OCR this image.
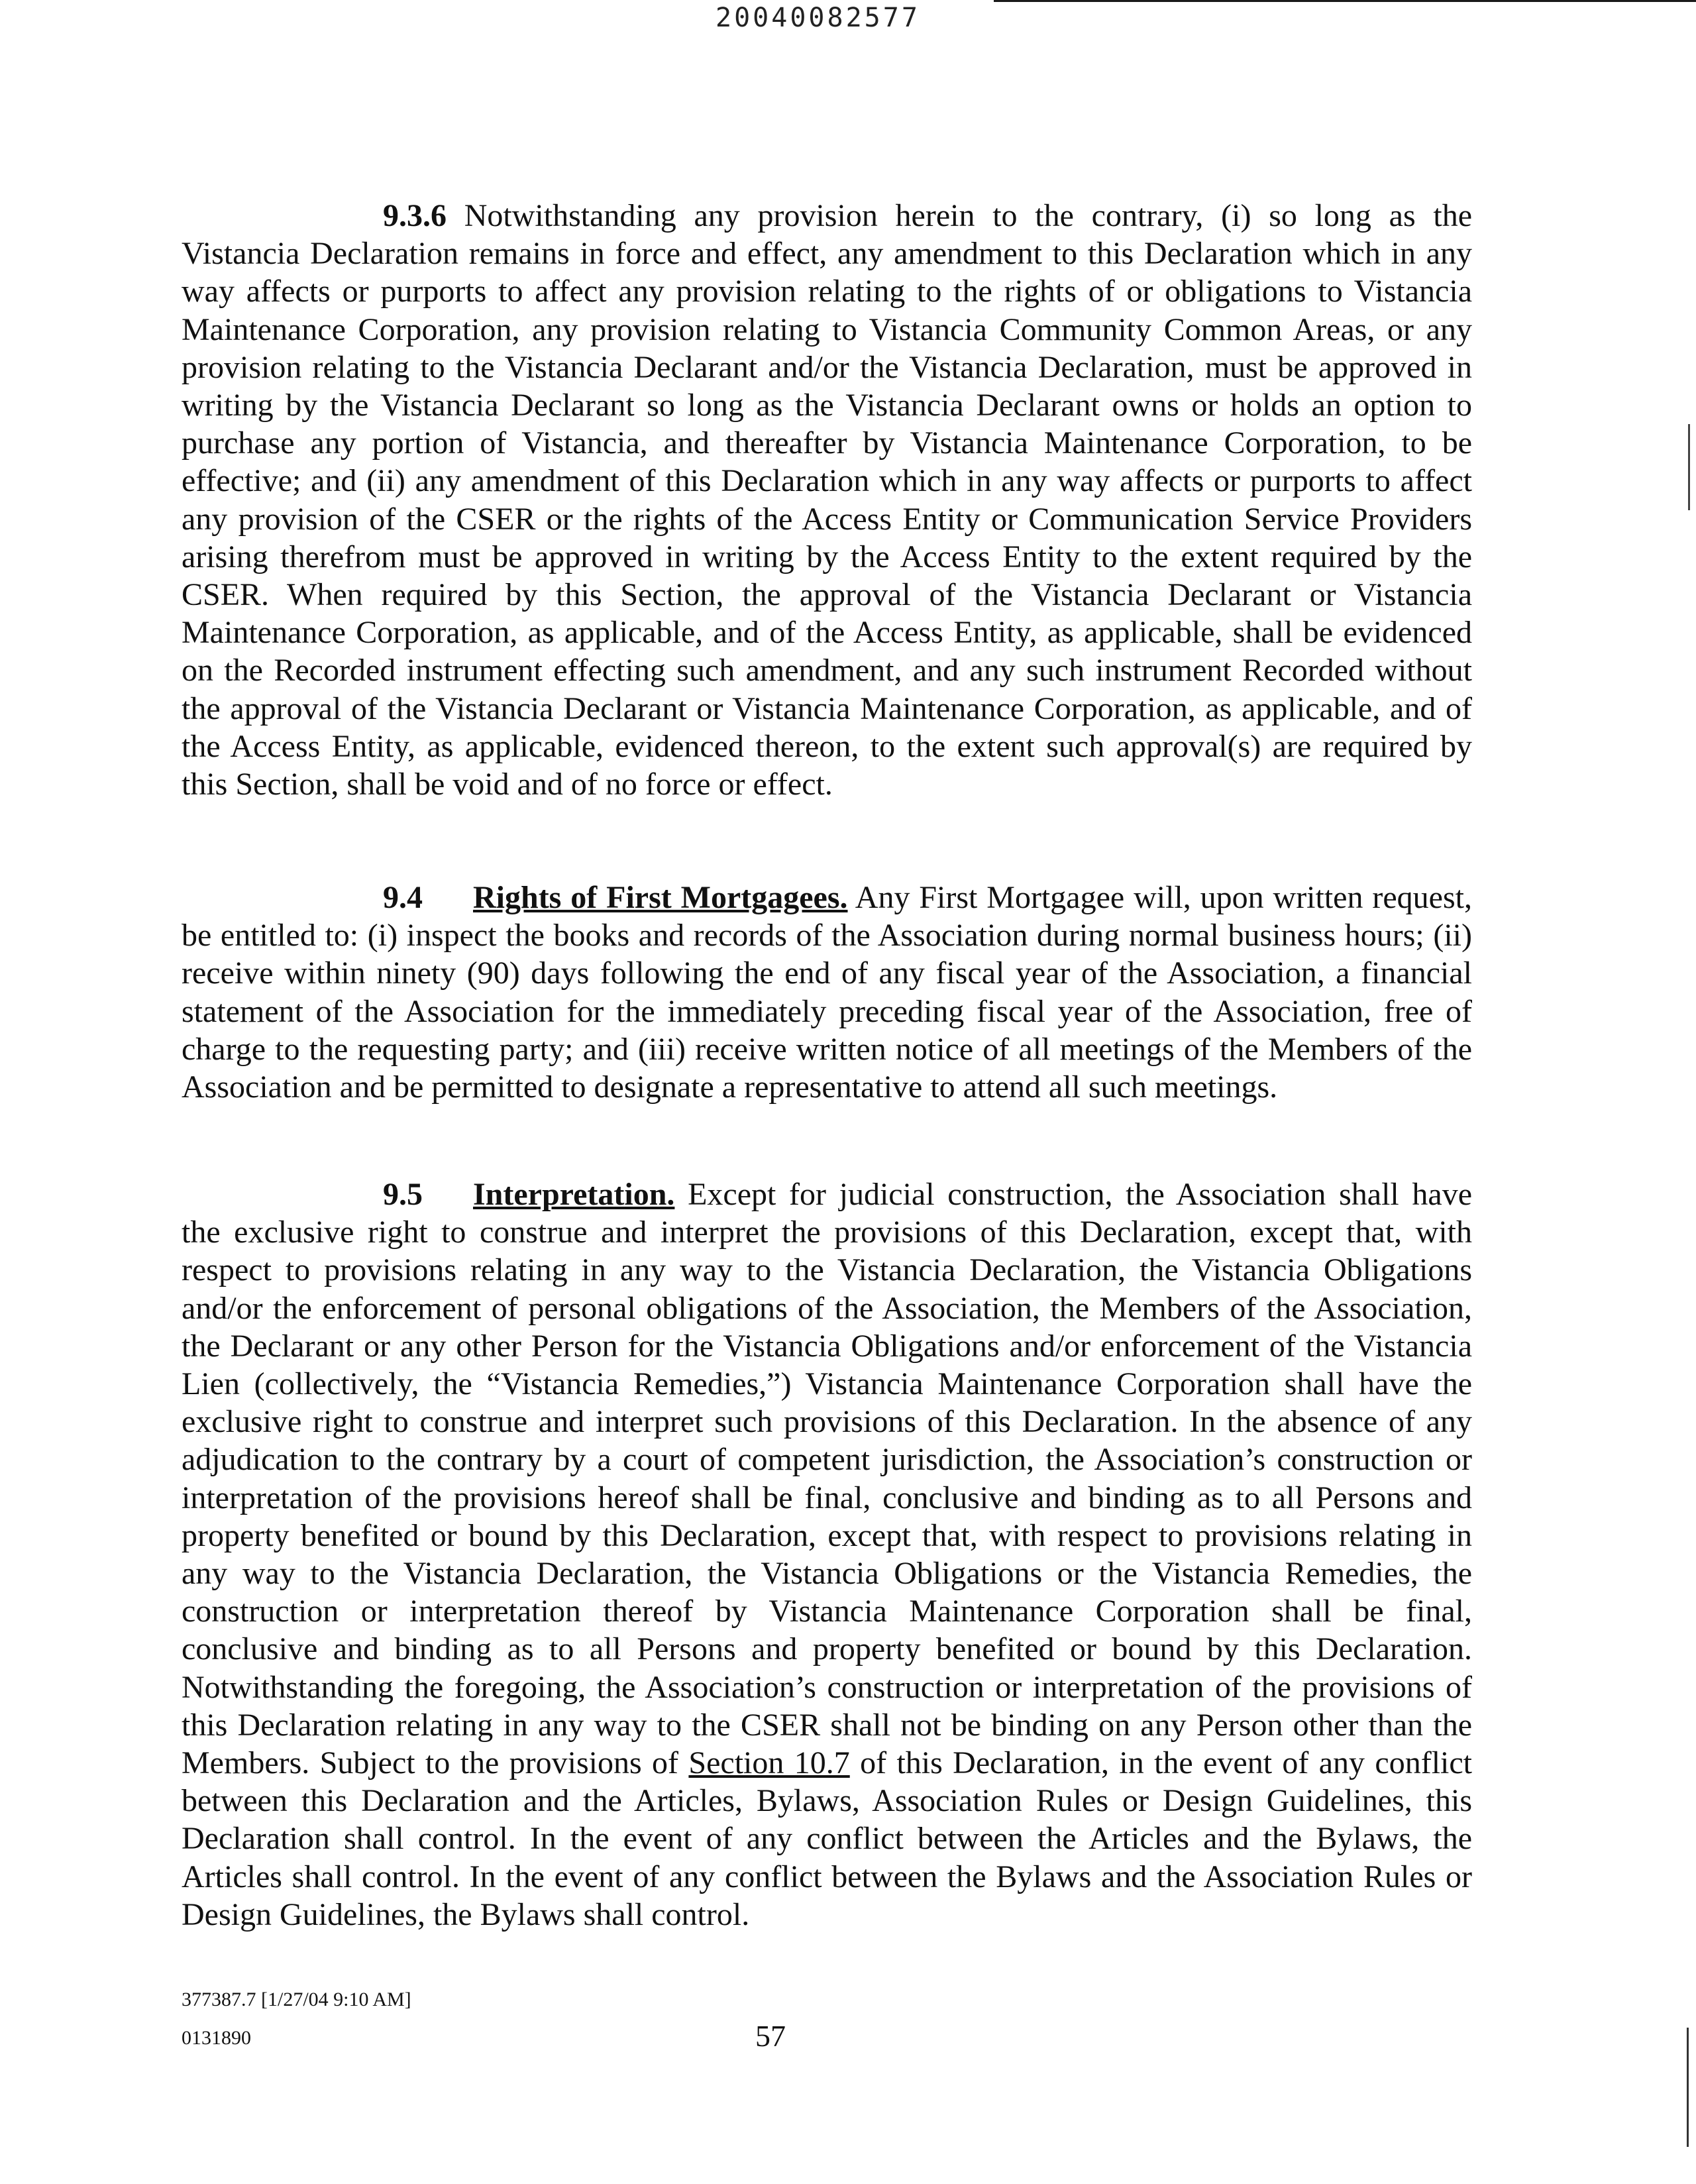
20040082577
9.3.6 Notwithstanding any provision herein to the contrary, (i) so long as the Vistancia Declaration remains in force and effect, any amendment to this Declaration which in any way affects or purports to affect any provision relating to the rights of or obligations to Vistancia Maintenance Corporation, any provision relating to Vistancia Community Common Areas, or any provision relating to the Vistancia Declarant and/or the Vistancia Declaration, must be approved in writing by the Vistancia Declarant so long as the Vistancia Declarant owns or holds an option to purchase any portion of Vistancia, and thereafter by Vistancia Maintenance Corporation, to be effective; and (ii) any amendment of this Declaration which in any way affects or purports to affect any provision of the CSER or the rights of the Access Entity or Communication Service Providers arising therefrom must be approved in writing by the Access Entity to the extent required by the CSER. When required by this Section, the approval of the Vistancia Declarant or Vistancia Maintenance Corporation, as applicable, and of the Access Entity, as applicable, shall be evidenced on the Recorded instrument effecting such amendment, and any such instrument Recorded without the approval of the Vistancia Declarant or Vistancia Maintenance Corporation, as applicable, and of the Access Entity, as applicable, evidenced thereon, to the extent such approval(s) are required by this Section, shall be void and of no force or effect.
9.4 Rights of First Mortgagees. Any First Mortgagee will, upon written request, be entitled to: (i) inspect the books and records of the Association during normal business hours; (ii) receive within ninety (90) days following the end of any fiscal year of the Association, a financial statement of the Association for the immediately preceding fiscal year of the Association, free of charge to the requesting party; and (iii) receive written notice of all meetings of the Members of the Association and be permitted to designate a representative to attend all such meetings.
9.5 Interpretation. Except for judicial construction, the Association shall have the exclusive right to construe and interpret the provisions of this Declaration, except that, with respect to provisions relating in any way to the Vistancia Declaration, the Vistancia Obligations and/or the enforcement of personal obligations of the Association, the Members of the Association, the Declarant or any other Person for the Vistancia Obligations and/or enforcement of the Vistancia Lien (collectively, the “Vistancia Remedies,”) Vistancia Maintenance Corporation shall have the exclusive right to construe and interpret such provisions of this Declaration. In the absence of any adjudication to the contrary by a court of competent jurisdiction, the Association’s construction or interpretation of the provisions hereof shall be final, conclusive and binding as to all Persons and property benefited or bound by this Declaration, except that, with respect to provisions relating in any way to the Vistancia Declaration, the Vistancia Obligations or the Vistancia Remedies, the construction or interpretation thereof by Vistancia Maintenance Corporation shall be final, conclusive and binding as to all Persons and property benefited or bound by this Declaration. Notwithstanding the foregoing, the Association’s construction or interpretation of the provisions of this Declaration relating in any way to the CSER shall not be binding on any Person other than the Members. Subject to the provisions of Section 10.7 of this Declaration, in the event of any conflict between this Declaration and the Articles, Bylaws, Association Rules or Design Guidelines, this Declaration shall control. In the event of any conflict between the Articles and the Bylaws, the Articles shall control. In the event of any conflict between the Bylaws and the Association Rules or Design Guidelines, the Bylaws shall control.
377387.7 [1/27/04 9:10 AM]
0131890	57
